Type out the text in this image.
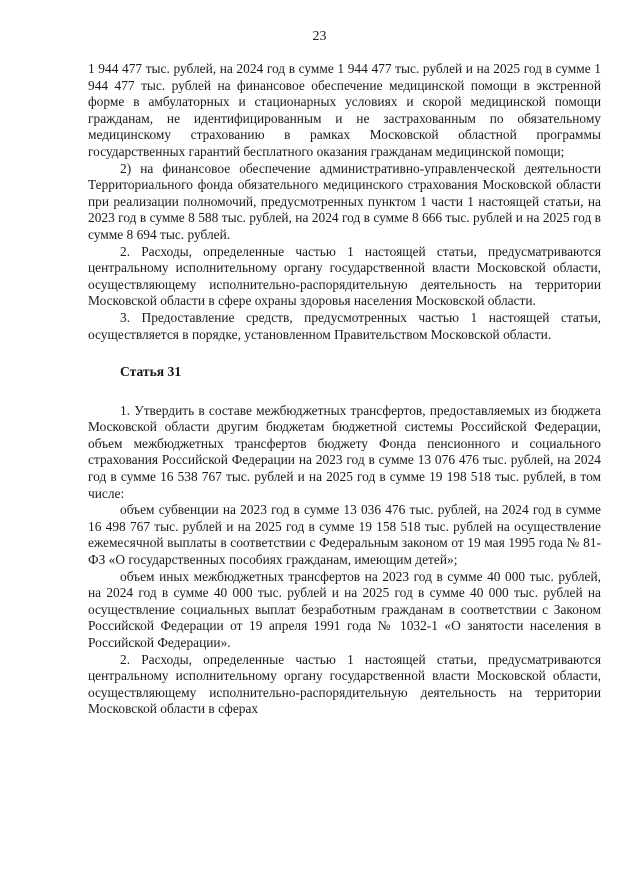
23

1 944 477 тыс. рублей, на 2024 год в сумме 1 944 477 тыс. рублей и на 2025 год в сумме 1 944 477 тыс. рублей на финансовое обеспечение медицинской помощи в экстренной форме в амбулаторных и стационарных условиях и скорой медицинской помощи гражданам, не идентифицированным и не застрахованным по обязательному медицинскому страхованию в рамках Московской областной программы государственных гарантий бесплатного оказания гражданам медицинской помощи;

2) на финансовое обеспечение административно-управленческой деятельности Территориального фонда обязательного медицинского страхования Московской области при реализации полномочий, предусмотренных пунктом 1 части 1 настоящей статьи, на 2023 год в сумме 8 588 тыс. рублей, на 2024 год в сумме 8 666 тыс. рублей и на 2025 год в сумме 8 694 тыс. рублей.

2. Расходы, определенные частью 1 настоящей статьи, предусматриваются центральному исполнительному органу государственной власти Московской области, осуществляющему исполнительно-распорядительную деятельность на территории Московской области в сфере охраны здоровья населения Московской области.

3. Предоставление средств, предусмотренных частью 1 настоящей статьи, осуществляется в порядке, установленном Правительством Московской области.

Статья 31

1. Утвердить в составе межбюджетных трансфертов, предоставляемых из бюджета Московской области другим бюджетам бюджетной системы Российской Федерации, объем межбюджетных трансфертов бюджету Фонда пенсионного и социального страхования Российской Федерации на 2023 год в сумме 13 076 476 тыс. рублей, на 2024 год в сумме 16 538 767 тыс. рублей и на 2025 год в сумме 19 198 518 тыс. рублей, в том числе:

объем субвенции на 2023 год в сумме 13 036 476 тыс. рублей, на 2024 год в сумме 16 498 767 тыс. рублей и на 2025 год в сумме 19 158 518 тыс. рублей на осуществление ежемесячной выплаты в соответствии с Федеральным законом от 19 мая 1995 года № 81-ФЗ «О государственных пособиях гражданам, имеющим детей»;

объем иных межбюджетных трансфертов на 2023 год в сумме 40 000 тыс. рублей, на 2024 год в сумме 40 000 тыс. рублей и на 2025 год в сумме 40 000 тыс. рублей на осуществление социальных выплат безработным гражданам в соответствии с Законом Российской Федерации от 19 апреля 1991 года № 1032-1 «О занятости населения в Российской Федерации».

2. Расходы, определенные частью 1 настоящей статьи, предусматриваются центральному исполнительному органу государственной власти Московской области, осуществляющему исполнительно-распорядительную деятельность на территории Московской области в сферах
